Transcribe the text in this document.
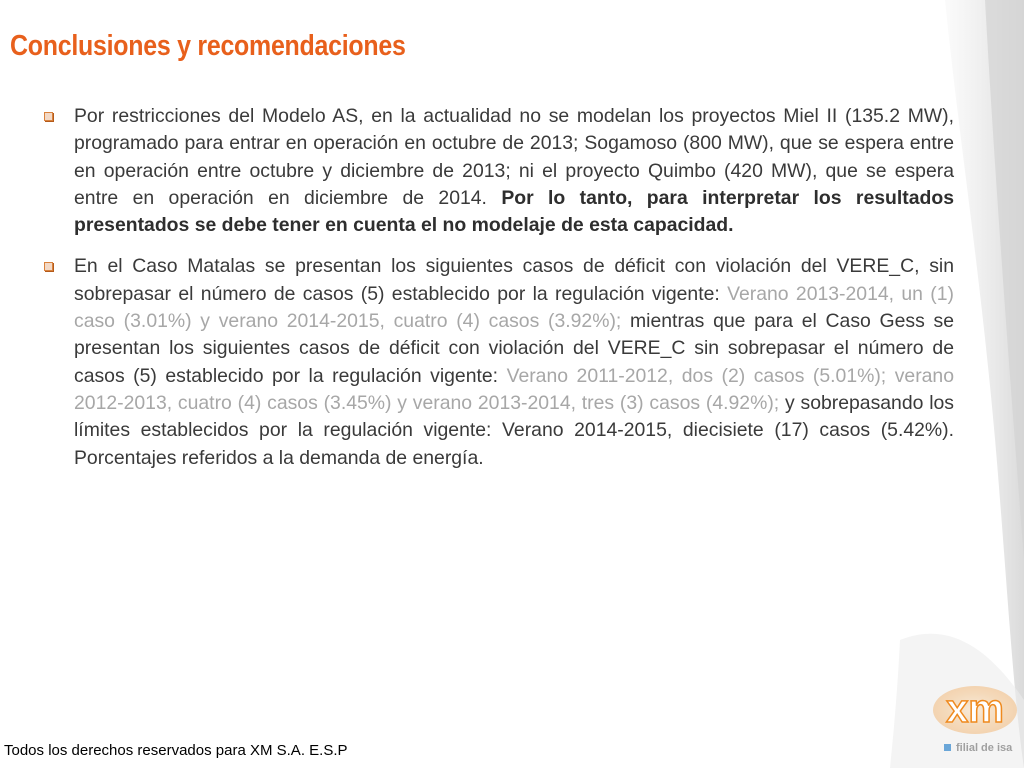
Conclusiones y recomendaciones
Por restricciones del Modelo AS, en la actualidad no se modelan los proyectos Miel II (135.2 MW), programado para entrar en operación en octubre de 2013; Sogamoso (800 MW), que se espera entre en operación entre octubre y diciembre de 2013; ni el proyecto Quimbo (420 MW), que se espera entre en operación en diciembre de 2014. Por lo tanto, para interpretar los resultados presentados se debe tener en cuenta el no modelaje de esta capacidad.
En el Caso Matalas se presentan los siguientes casos de déficit con violación del VERE_C, sin sobrepasar el número de casos (5) establecido por la regulación vigente: Verano 2013-2014, un (1) caso (3.01%) y verano 2014-2015, cuatro (4) casos (3.92%); mientras que para el Caso Gess se presentan los siguientes casos de déficit con violación del VERE_C sin sobrepasar el número de casos (5) establecido por la regulación vigente: Verano 2011-2012, dos (2) casos (5.01%); verano 2012-2013, cuatro (4) casos (3.45%) y verano 2013-2014, tres (3) casos (4.92%); y sobrepasando los límites establecidos por la regulación vigente: Verano 2014-2015, diecisiete (17) casos (5.42%). Porcentajes referidos a la demanda de energía.
Todos los derechos reservados para XM S.A. E.S.P
xm
filial de isa
